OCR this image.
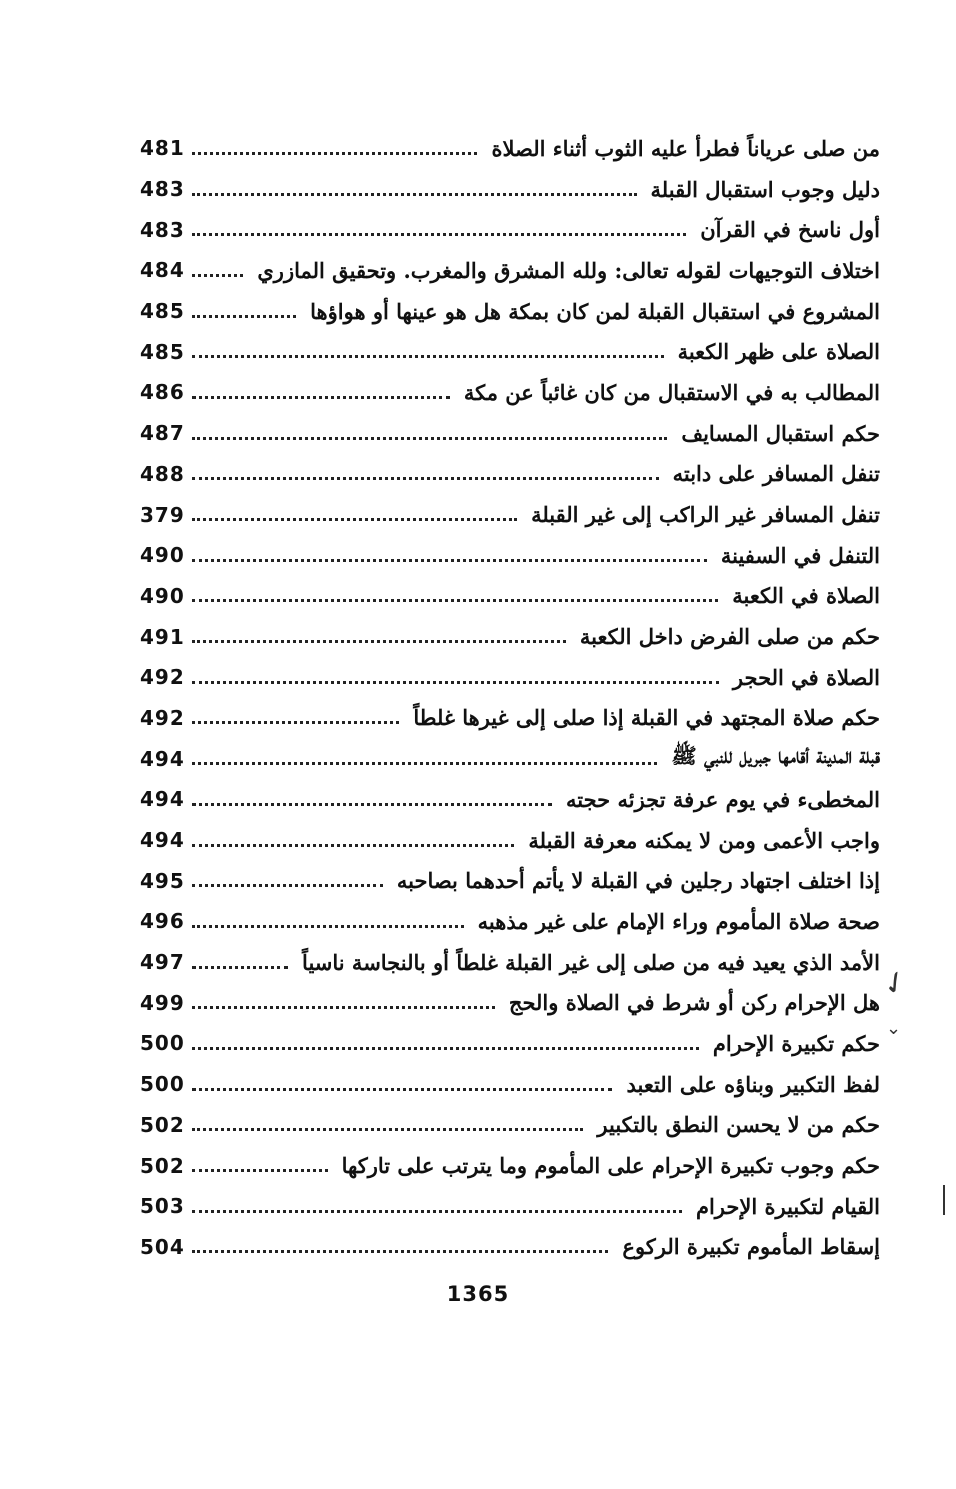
481	من صلى عرياناً فطرأ عليه الثوب أثناء الصلاة
483	دليل وجوب استقبال القبلة
483	أول ناسخ في القرآن
484	اختلاف التوجيهات لقوله تعالى: ولله المشرق والمغرب. وتحقيق المازري
485	المشروع في استقبال القبلة لمن كان بمكة هل هو عينها أو هواؤها
485	الصلاة على ظهر الكعبة
486	المطالب به في الاستقبال من كان غائباً عن مكة
487	حكم استقبال المسايف
488	تنفل المسافر على دابته
379	تنفل المسافر غير الراكب إلى غير القبلة
490	التنفل في السفينة
490	الصلاة في الكعبة
491	حكم من صلى الفرض داخل الكعبة
492	الصلاة في الحجر
492	حكم صلاة المجتهد في القبلة إذا صلى إلى غيرها غلطاً
494	قبلة المدينة أقامها جبريل للنبي ﷺ
494	المخطىء في يوم عرفة تجزئه حجته
494	واجب الأعمى ومن لا يمكنه معرفة القبلة
495	إذا اختلف اجتهاد رجلين في القبلة لا يأتم أحدهما بصاحبه
496	صحة صلاة المأموم وراء الإمام على غير مذهبه
497	الأمد الذي يعيد فيه من صلى إلى غير القبلة غلطاً أو بالنجاسة ناسياً
499	هل الإحرام ركن أو شرط في الصلاة والحج
500	حكم تكبيرة الإحرام
500	لفظ التكبير وبناؤه على التعبد
502	حكم من لا يحسن النطق بالتكبير
502	حكم وجوب تكبيرة الإحرام على المأموم وما يترتب على تاركها
503	القيام لتكبيرة الإحرام
504	إسقاط المأموم تكبيرة الركوع
1365
✓
⌄
